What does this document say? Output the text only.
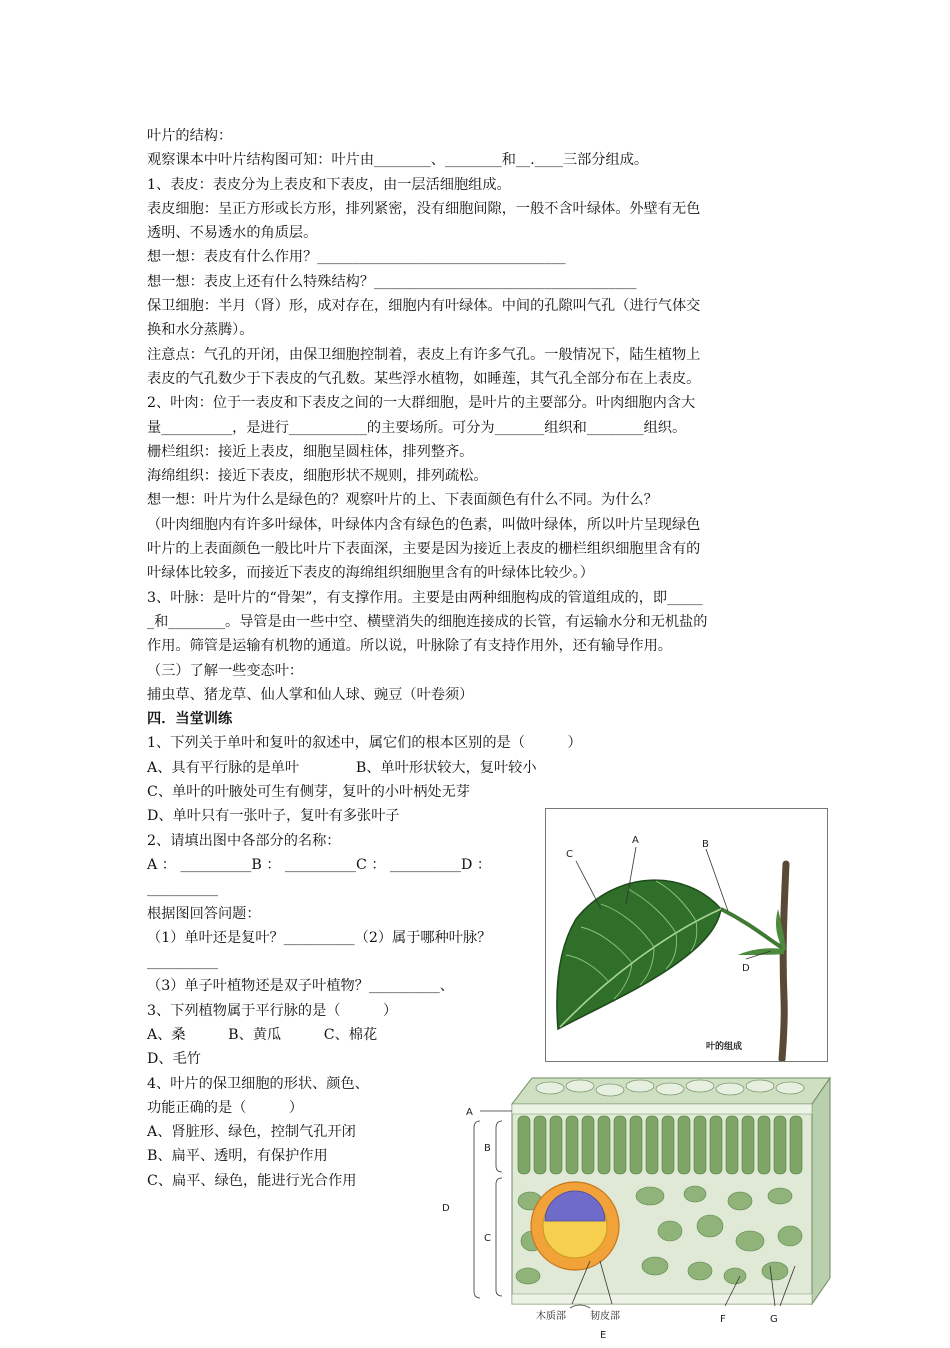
叶片的结构：
观察课本中叶片结构图可知：叶片由________、________和__.____三部分组成。
1、表皮：表皮分为上表皮和下表皮，由一层活细胞组成。
表皮细胞：呈正方形或长方形，排列紧密，没有细胞间隙，一般不含叶绿体。外壁有无色
透明、不易透水的角质层。
想一想：表皮有什么作用？___________________________________
想一想：表皮上还有什么特殊结构？_____________________________________
保卫细胞：半月（肾）形，成对存在，细胞内有叶绿体。中间的孔隙叫气孔（进行气体交
换和水分蒸腾）。
注意点：气孔的开闭，由保卫细胞控制着，表皮上有许多气孔。一般情况下，陆生植物上
表皮的气孔数少于下表皮的气孔数。某些浮水植物，如睡莲，其气孔全部分布在上表皮。
2、叶肉：位于一表皮和下表皮之间的一大群细胞，是叶片的主要部分。叶肉细胞内含大
量__________，是进行___________的主要场所。可分为_______组织和________组织。
栅栏组织：接近上表皮，细胞呈圆柱体，排列整齐。
海绵组织：接近下表皮，细胞形状不规则，排列疏松。
想一想：叶片为什么是绿色的？观察叶片的上、下表面颜色有什么不同。为什么？
（叶肉细胞内有许多叶绿体，叶绿体内含有绿色的色素，叫做叶绿体，所以叶片呈现绿色
叶片的上表面颜色一般比叶片下表面深，主要是因为接近上表皮的栅栏组织细胞里含有的
叶绿体比较多，而接近下表皮的海绵组织细胞里含有的叶绿体比较少。）
3、叶脉：是叶片的“骨架”，有支撑作用。主要是由两种细胞构成的管道组成的，即_____
_和________。导管是由一些中空、横壁消失的细胞连接成的长管，有运输水分和无机盐的
作用。筛管是运输有机物的通道。所以说，叶脉除了有支持作用外，还有输导作用。
（三）了解一些变态叶：
捕虫草、猪龙草、仙人掌和仙人球、豌豆（叶卷须）
四．当堂训练
1、下列关于单叶和复叶的叙述中，属它们的根本区别的是（　　　）
A、具有平行脉的是单叶　　　　B、单叶形状较大，复叶较小
C、单叶的叶腋处可生有侧芽，复叶的小叶柄处无芽
D、单叶只有一张叶子，复叶有多张叶子
2、请填出图中各部分的名称：
A ： __________B ： __________C ： __________D ：
__________
根据图回答问题：
（1）单叶还是复叶？__________（2）属于哪种叶脉？
__________
（3）单子叶植物还是双子叶植物？__________、
3、下列植物属于平行脉的是（　　　）
A、桑　　　B、黄瓜　　　C、棉花
D、毛竹
4、叶片的保卫细胞的形状、颜色、
功能正确的是（　　　）
A、肾脏形、绿色，控制气孔开闭
B、扁平、透明，有保护作用
C、扁平、绿色，能进行光合作用
A
C
B
D
叶的组成
A
B
C
D
E
F	G
木质部 韧皮部
